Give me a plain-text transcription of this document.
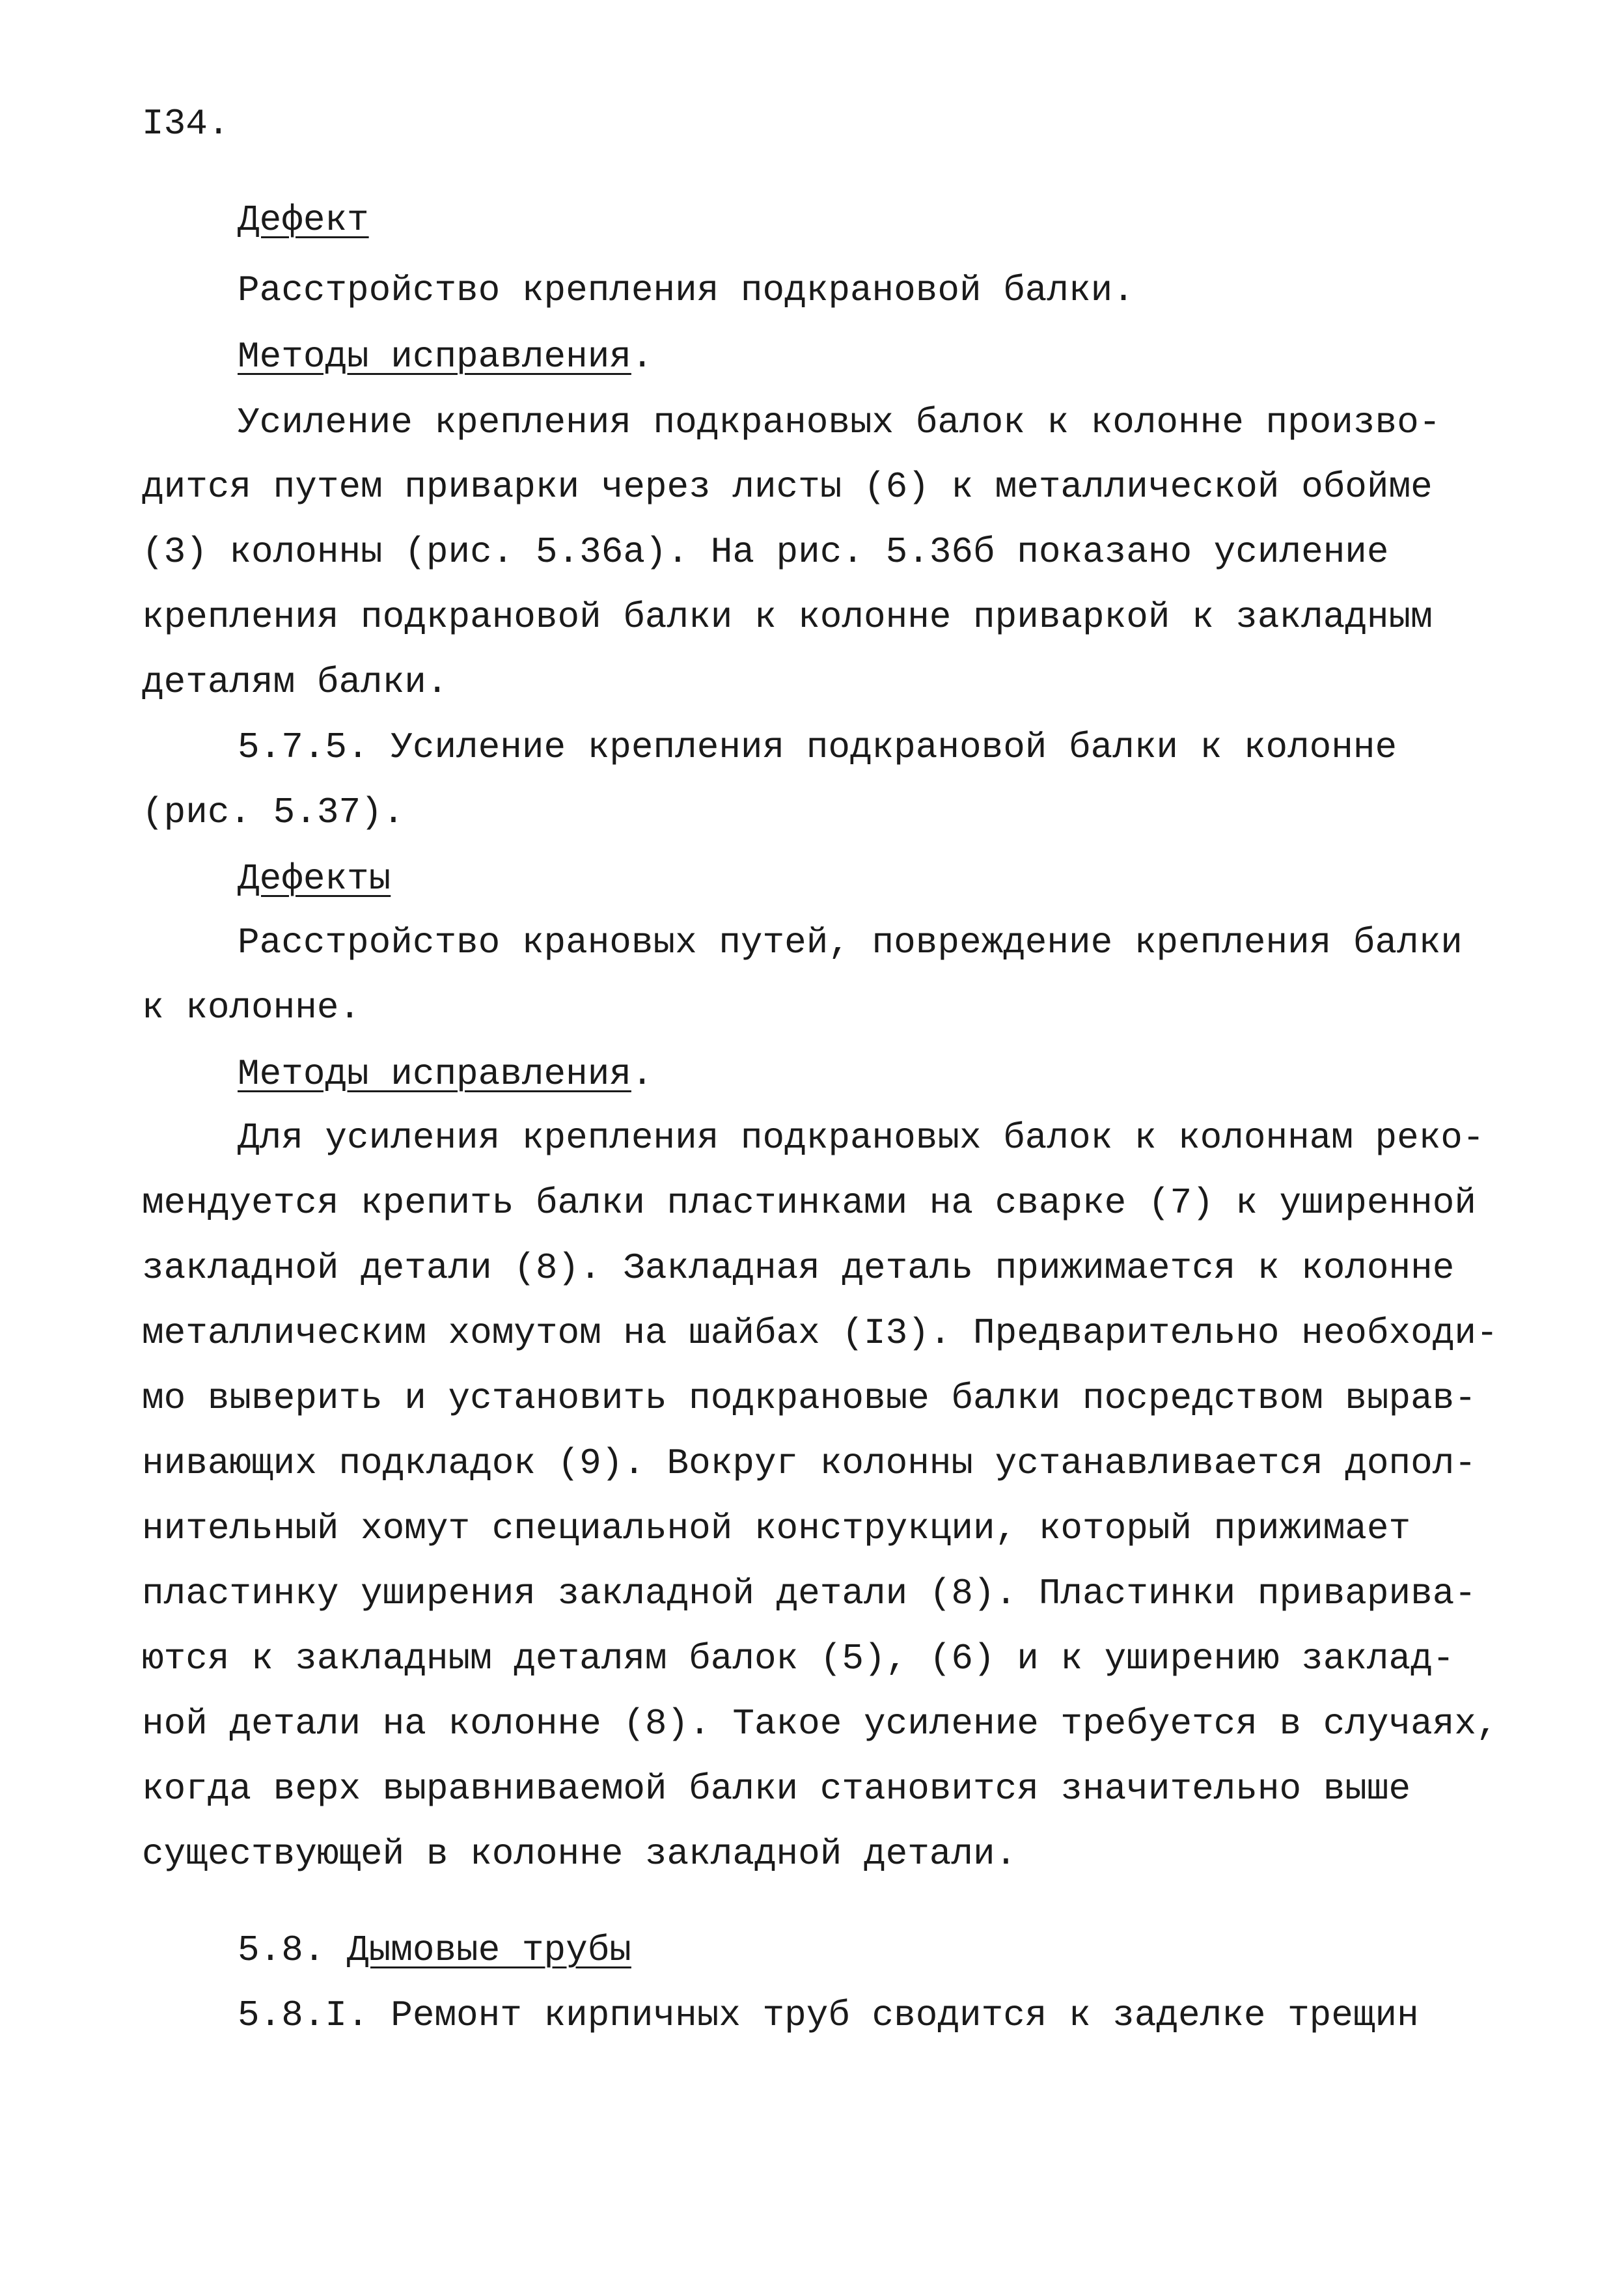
I34.
Дефект
Расстройство крепления подкрановой балки.
Методы исправления.
Усиление крепления подкрановых балок к колонне произво-
дится путем приварки через листы (6) к металлической обойме
(3) колонны (рис. 5.36а). На рис. 5.36б показано усиление
крепления подкрановой балки к колонне приваркой к закладным
деталям балки.
5.7.5. Усиление крепления подкрановой балки к колонне
(рис. 5.37).
Дефекты
Расстройство крановых путей, повреждение крепления балки
к колонне.
Методы исправления.
Для усиления крепления подкрановых балок к колоннам реко-
мендуется крепить балки пластинками на сварке (7) к уширенной
закладной детали (8). Закладная деталь прижимается к колонне
металлическим хомутом на шайбах (I3). Предварительно необходи-
мо выверить и установить подкрановые балки посредством вырав-
нивающих подкладок (9). Вокруг колонны устанавливается допол-
нительный хомут специальной конструкции, который прижимает
пластинку уширения закладной детали (8). Пластинки приварива-
ются к закладным деталям балок (5), (6) и к уширению заклад-
ной детали на колонне (8). Такое усиление требуется в случаях,
когда верх выравниваемой балки становится значительно выше
существующей в колонне закладной детали.
5.8. Дымовые трубы
5.8.I. Ремонт кирпичных труб сводится к заделке трещин
